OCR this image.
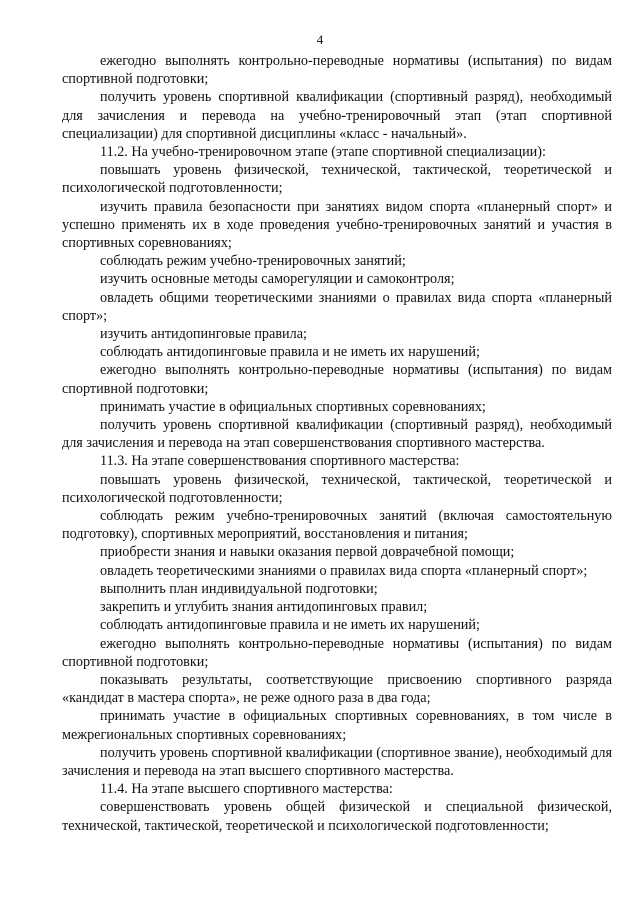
4

ежегодно выполнять контрольно-переводные нормативы (испытания) по видам спортивной подготовки;

получить уровень спортивной квалификации (спортивный разряд), необходимый для зачисления и перевода на учебно-тренировочный этап (этап спортивной специализации) для спортивной дисциплины «класс - начальный».

11.2. На учебно-тренировочном этапе (этапе спортивной специализации):

повышать уровень физической, технической, тактической, теоретической и психологической подготовленности;

изучить правила безопасности при занятиях видом спорта «планерный спорт» и успешно применять их в ходе проведения учебно-тренировочных занятий и участия в спортивных соревнованиях;

соблюдать режим учебно-тренировочных занятий;

изучить основные методы саморегуляции и самоконтроля;

овладеть общими теоретическими знаниями о правилах вида спорта «планерный спорт»;

изучить антидопинговые правила;

соблюдать антидопинговые правила и не иметь их нарушений;

ежегодно выполнять контрольно-переводные нормативы (испытания) по видам спортивной подготовки;

принимать участие в официальных спортивных соревнованиях;

получить уровень спортивной квалификации (спортивный разряд), необходимый для зачисления и перевода на этап совершенствования спортивного мастерства.

11.3. На этапе совершенствования спортивного мастерства:

повышать уровень физической, технической, тактической, теоретической и психологической подготовленности;

соблюдать режим учебно-тренировочных занятий (включая самостоятельную подготовку), спортивных мероприятий, восстановления и питания;

приобрести знания и навыки оказания первой доврачебной помощи;

овладеть теоретическими знаниями о правилах вида спорта «планерный спорт»;

выполнить план индивидуальной подготовки;

закрепить и углубить знания антидопинговых правил;

соблюдать антидопинговые правила и не иметь их нарушений;

ежегодно выполнять контрольно-переводные нормативы (испытания) по видам спортивной подготовки;

показывать результаты, соответствующие присвоению спортивного разряда «кандидат в мастера спорта», не реже одного раза в два года;

принимать участие в официальных спортивных соревнованиях, в том числе в межрегиональных спортивных соревнованиях;

получить уровень спортивной квалификации (спортивное звание), необходимый для зачисления и перевода на этап высшего спортивного мастерства.

11.4. На этапе высшего спортивного мастерства:

совершенствовать уровень общей физической и специальной физической, технической, тактической, теоретической и психологической подготовленности;
